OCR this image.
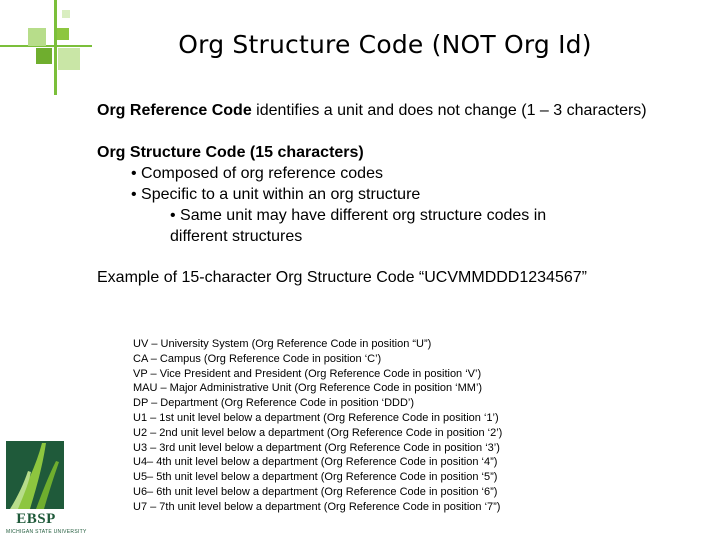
Org Structure Code (NOT Org Id)

Org Reference Code identifies a unit and does not change (1 – 3 characters)

Org Structure Code (15 characters)
• Composed of org reference codes
• Specific to a unit within an org structure
• Same unit may have different org structure codes in
different structures
Example of 15-character Org Structure Code “UCVMMDDD1234567”
UV – University System (Org Reference Code in position “U”)
CA – Campus (Org Reference Code in position ‘C’)
VP – Vice President and President (Org Reference Code in position ‘V’)
MAU – Major Administrative Unit (Org Reference Code in position ‘MM’)
DP – Department (Org Reference Code in position ‘DDD’)
U1 – 1st unit level below a department (Org Reference Code in position ‘1’)
U2 – 2nd unit level below a department (Org Reference Code in position ‘2’)
U3 – 3rd unit level below a department (Org Reference Code in position ‘3’)
U4– 4th unit level below a department (Org Reference Code in position ‘4”)
U5– 5th unit level below a department (Org Reference Code in position ‘5”)
U6– 6th unit level below a department (Org Reference Code in position ‘6”)
U7 – 7th unit level below a department (Org Reference Code in position ‘7”)
EBSP
MICHIGAN STATE UNIVERSITY
